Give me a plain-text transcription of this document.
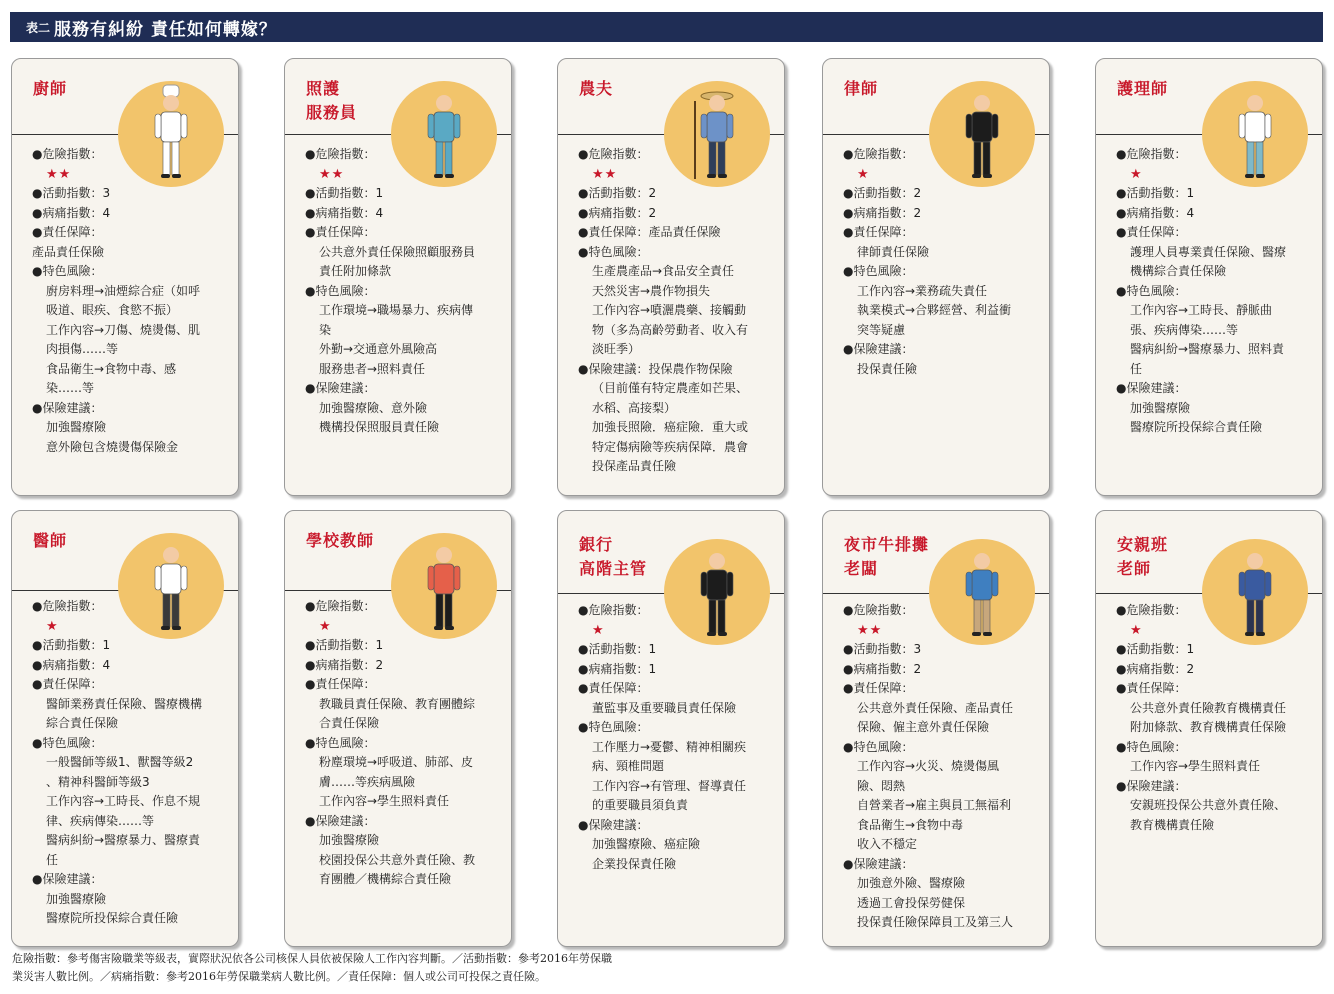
表二 服務有糾紛 責任如何轉嫁？
廚師
●危險指數：
★★
●活動指數：3
●病痛指數：4
●責任保障：
產品責任保險
●特色風險：
廚房料理→油煙綜合症（如呼
吸道、眼疾、食慾不振）
工作內容→刀傷、燒燙傷、肌
肉損傷……等
食品衛生→食物中毒、感
染……等
●保險建議：
加強醫療險
意外險包含燒燙傷保險金
照護
服務員
●危險指數：
★★
●活動指數：1
●病痛指數：4
●責任保障：
公共意外責任保險照顧服務員
責任附加條款
●特色風險：
工作環境→職場暴力、疾病傳
染
外勤→交通意外風險高
服務患者→照料責任
●保險建議：
加強醫療險、意外險
機構投保照服員責任險
農夫
●危險指數：
★★
●活動指數：2
●病痛指數：2
●責任保障：產品責任保險
●特色風險：
生產農產品→食品安全責任
天然災害→農作物損失
工作內容→噴灑農藥、接觸動
物（多為高齡勞動者、收入有
淡旺季）
●保險建議：投保農作物保險
（目前僅有特定農產如芒果、
水稻、高接梨）
加強長照險．癌症險．重大或
特定傷病險等疾病保障．農會
投保產品責任險
律師
●危險指數：
★
●活動指數：2
●病痛指數：2
●責任保障：
律師責任保險
●特色風險：
工作內容→業務疏失責任
執業模式→合夥經營、利益衝
突等疑慮
●保險建議：
投保責任險
護理師
●危險指數：
★
●活動指數：1
●病痛指數：4
●責任保障：
護理人員專業責任保險、醫療
機構綜合責任保險
●特色風險：
工作內容→工時長、靜脈曲
張、疾病傳染……等
醫病糾紛→醫療暴力、照料責
任
●保險建議：
加強醫療險
醫療院所投保綜合責任險
醫師
●危險指數：
★
●活動指數：1
●病痛指數：4
●責任保障：
醫師業務責任保險、醫療機構
綜合責任保險
●特色風險：
一般醫師等級1、獸醫等級2
、精神科醫師等級3
工作內容→工時長、作息不規
律、疾病傳染……等
醫病糾紛→醫療暴力、醫療責
任
●保險建議：
加強醫療險
醫療院所投保綜合責任險
學校教師
●危險指數：
★
●活動指數：1
●病痛指數：2
●責任保障：
教職員責任保險、教育團體綜
合責任保險
●特色風險：
粉塵環境→呼吸道、肺部、皮
膚……等疾病風險
工作內容→學生照料責任
●保險建議：
加強醫療險
校園投保公共意外責任險、教
育團體／機構綜合責任險
銀行
高階主管
●危險指數：
★
●活動指數：1
●病痛指數：1
●責任保障：
董監事及重要職員責任保險
●特色風險：
工作壓力→憂鬱、精神相關疾
病、頸椎問題
工作內容→有管理、督導責任
的重要職員須負責
●保險建議：
加強醫療險、癌症險
企業投保責任險
夜市牛排攤
老闆
●危險指數：
★★
●活動指數：3
●病痛指數：2
●責任保障：
公共意外責任保險、產品責任
保險、僱主意外責任保險
●特色風險：
工作內容→火災、燒燙傷風
險、悶熱
自營業者→雇主與員工無福利
食品衛生→食物中毒
收入不穩定
●保險建議：
加強意外險、醫療險
透過工會投保勞健保
投保責任險保障員工及第三人
安親班
老師
●危險指數：
★
●活動指數：1
●病痛指數：2
●責任保障：
公共意外責任險教育機構責任
附加條款、教育機構責任保險
●特色風險：
工作內容→學生照料責任
●保險建議：
安親班投保公共意外責任險、
教育機構責任險
危險指數：參考傷害險職業等級表，實際狀況依各公司核保人員依被保險人工作內容判斷。／活動指數：參考2016年勞保職
業災害人數比例。／病痛指數：參考2016年勞保職業病人數比例。／責任保障：個人或公司可投保之責任險。
